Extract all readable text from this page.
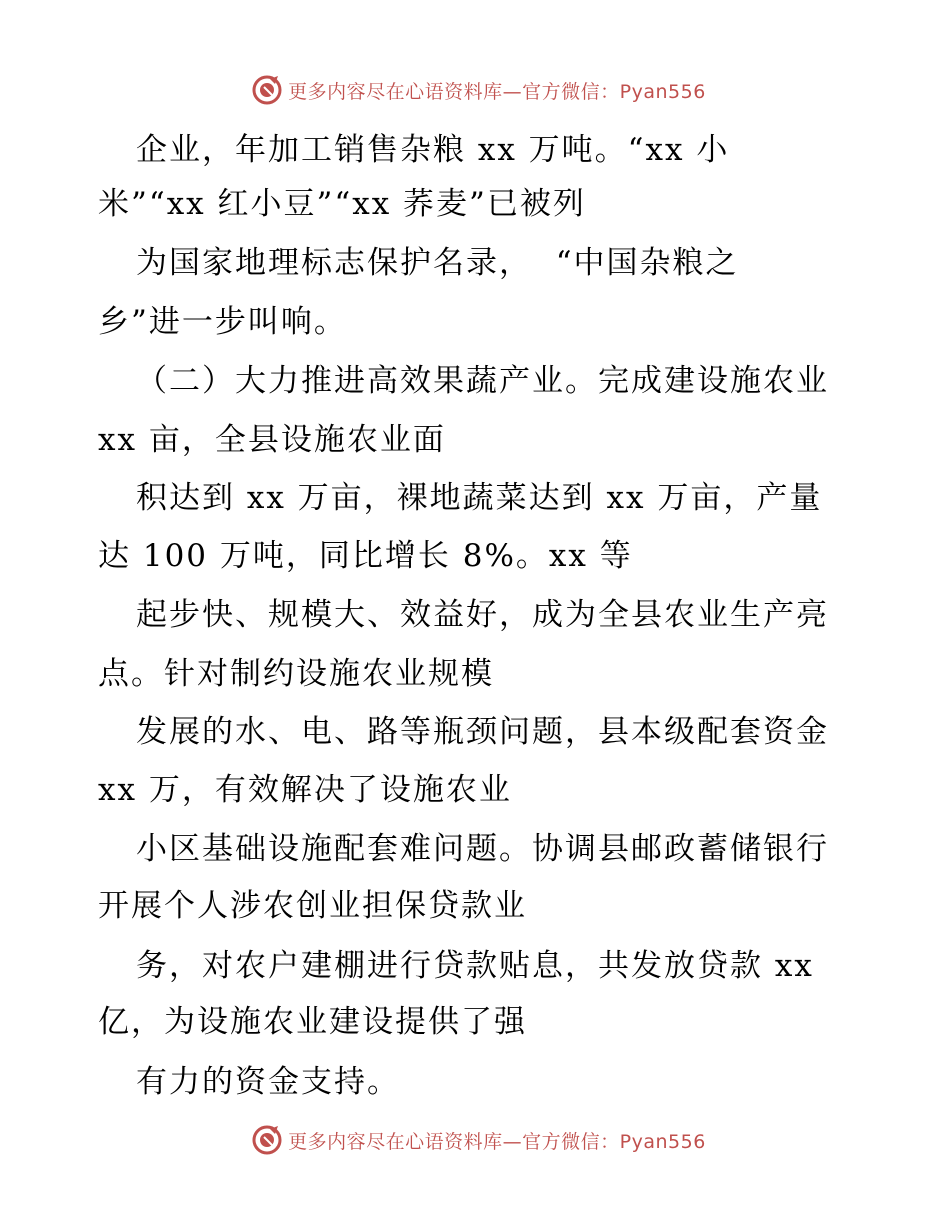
更多内容尽在心语资料库—官方微信：Pyan556
企业，年加工销售杂粮 xx 万吨。“xx 小
米”“xx 红小豆”“xx 荞麦”已被列
为国家地理标志保护名录，  “中国杂粮之
乡”进一步叫响。
（二）大力推进高效果蔬产业。完成建设施农业
xx 亩，全县设施农业面
积达到 xx 万亩，裸地蔬菜达到 xx 万亩，产量
达 100 万吨，同比增长 8%。xx 等
起步快、规模大、效益好，成为全县农业生产亮
点。针对制约设施农业规模
发展的水、电、路等瓶颈问题，县本级配套资金
xx 万，有效解决了设施农业
小区基础设施配套难问题。协调县邮政蓄储银行
开展个人涉农创业担保贷款业
务，对农户建棚进行贷款贴息，共发放贷款 xx
亿，为设施农业建设提供了强
有力的资金支持。
更多内容尽在心语资料库—官方微信：Pyan556
